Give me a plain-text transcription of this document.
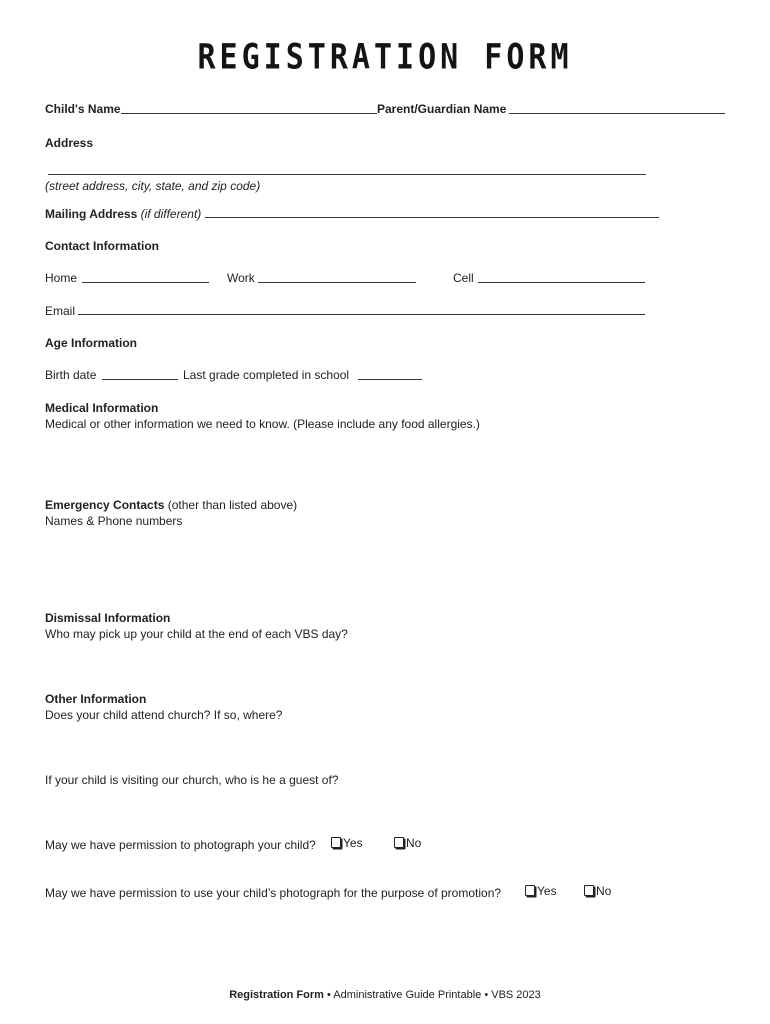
REGISTRATION FORM
Child's Name	Parent/Guardian Name
Address
(street address, city, state, and zip code)
Mailing Address (if different)
Contact Information
Home	Work	Cell
Email
Age Information
Birth date	Last grade completed in school
Medical Information
Medical or other information we need to know. (Please include any food allergies.)
Emergency Contacts (other than listed above)
Names & Phone numbers
Dismissal Information
Who may pick up your child at the end of each VBS day?
Other Information
Does your child attend church? If so, where?
If your child is visiting our church, who is he a guest of?
May we have permission to photograph your child?	Yes	No
May we have permission to use your child’s photograph for the purpose of promotion?	Yes	No
Registration Form • Administrative Guide Printable • VBS 2023
